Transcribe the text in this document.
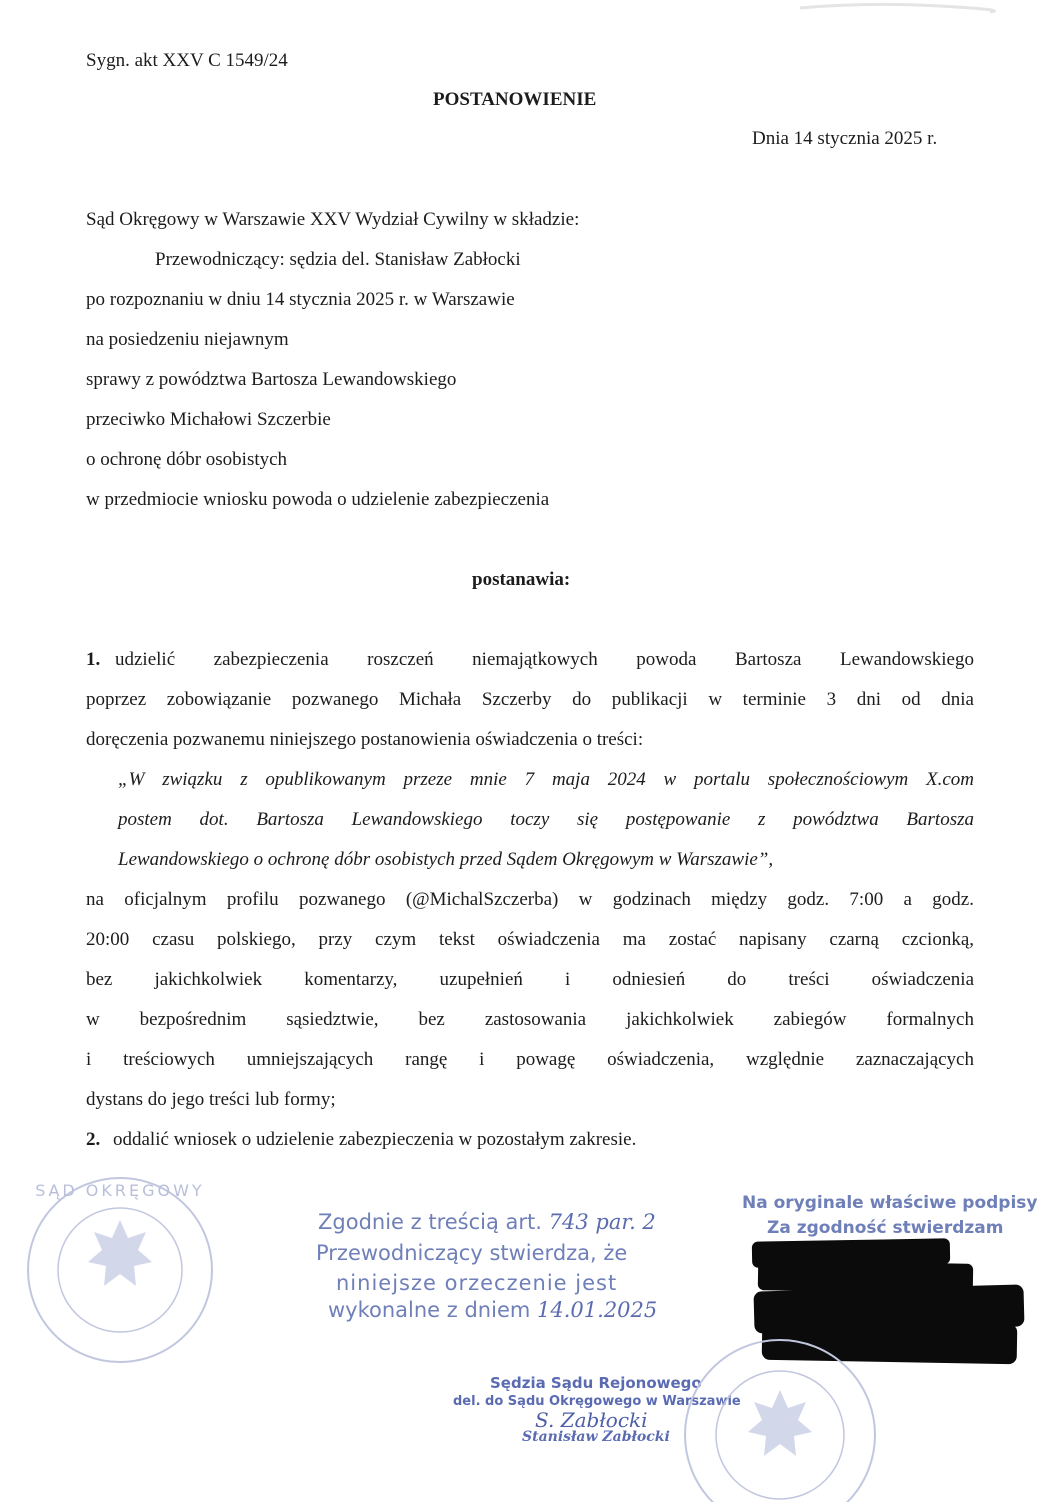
Sygn. akt XXV C 1549/24
POSTANOWIENIE
Dnia 14 stycznia 2025 r.
Sąd Okręgowy w Warszawie XXV Wydział Cywilny w składzie:
Przewodniczący: sędzia del. Stanisław Zabłocki
po rozpoznaniu w dniu 14 stycznia 2025 r. w Warszawie
na posiedzeniu niejawnym
sprawy z powództwa Bartosza Lewandowskiego
przeciwko Michałowi Szczerbie
o ochronę dóbr osobistych
w przedmiocie wniosku powoda o udzielenie zabezpieczenia
postanawia:
1. udzielić zabezpieczenia roszczeń niemajątkowych powoda Bartosza Lewandowskiego
poprzez zobowiązanie pozwanego Michała Szczerby do publikacji w terminie 3 dni od dnia
doręczenia pozwanemu niniejszego postanowienia oświadczenia o treści:
„W związku z opublikowanym przeze mnie 7 maja 2024 w portalu społecznościowym X.com
postem dot. Bartosza Lewandowskiego toczy się postępowanie z powództwa Bartosza
Lewandowskiego o ochronę dóbr osobistych przed Sądem Okręgowym w Warszawie”,
na oficjalnym profilu pozwanego (@MichalSzczerba) w godzinach między godz. 7:00 a godz.
20:00 czasu polskiego, przy czym tekst oświadczenia ma zostać napisany czarną czcionką,
bez jakichkolwiek komentarzy, uzupełnień i odniesień do treści oświadczenia
w bezpośrednim sąsiedztwie, bez zastosowania jakichkolwiek zabiegów formalnych
i treściowych umniejszających rangę i powagę oświadczenia, względnie zaznaczających
dystans do jego treści lub formy;
2. oddalić wniosek o udzielenie zabezpieczenia w pozostałym zakresie.
SĄD OKRĘGOWY
Zgodnie z treścią art. 743 par. 2
Przewodniczący stwierdza, że
niniejsze orzeczenie jest
wykonalne z dniem 14.01.2025
Na oryginale właściwe podpisy
Za zgodność stwierdzam
Sędzia Sądu Rejonowego
del. do Sądu Okręgowego w Warszawie
S. Zabłocki
Stanisław Zabłocki
